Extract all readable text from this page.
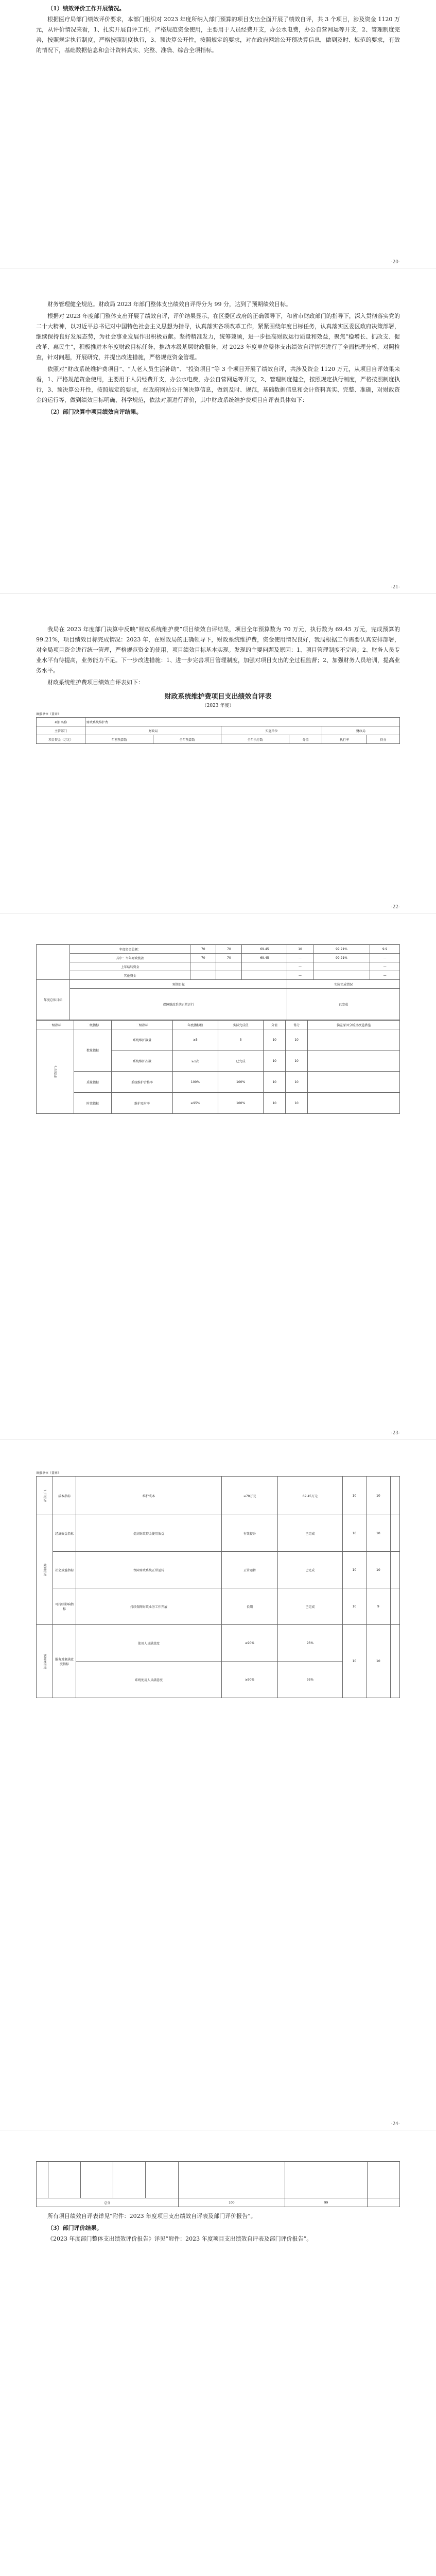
（1）绩效评价工作开展情况。

根据医疗局部门绩效评价要求，本部门组织对 2023 年度所纳入部门预算的项目支出全面开展了绩效自评，共 3 个项目，涉及资金 1120 万元，从评价情况来看，1、扎实开展自评工作，严格规范资金使用，主要用于人员经费开支，办公水电费，办公自营网运等开支，2、管理制度完善，按照规定执行制度，严格按照制度执行，3、预决算公开性，按照规定的要求，对在政府网站公开预决算信息，做到及时、规范的要求，有效的情况下，基础数据信息和会计资料真实、完整、准确、综合全项指标。

-20-

财务管理健全规范。财政局 2023 年部门整体支出绩效自评得分为 99 分，达到了预期绩效目标。

根据对 2023 年度部门整体支出开展了绩效自评，评价结果显示，在区委区政府的正确领导下，和省市财政部门的指导下，深入贯彻落实党的二十大精神，以习近平总书记对中国特色社会主义思想为指导，认真落实各项改革工作，紧紧围绕年度目标任务，认真落实区委区政府决策部署，继续保持良好发展态势，为社会事业发展作出积极贡献。坚持精准发力，统筹兼顾，进一步提高财政运行质量和效益，聚焦“稳增长、抓改支、促改革、惠民生”，积极推进本年度财政目标任务，推动本级基层财政服务，对 2023 年度单位整体支出绩效自评情况进行了全面梳理分析，对照检查，针对问题，开展研究，并提出改进措施，严格规范资金管理。

依照对“财政系统维护费项目”、“人老人员生活补助”、“投资项目”等 3 个项目开展了绩效自评，共涉及资金 1120 万元，从项目自评效果来看，1、严格规范资金使用，主要用于人员经费开支，办公水电费，办公自营网运等开支，2、管理制度健全，按照规定执行制度，严格按照制度执行，3、预决算公开性，按照规定的要求，在政府网站公开预决算信息，做到及时、规范，基础数据信息和会计资料真实、完整、准确，对财政资金的运行等，做到绩效目标明确、科学规范，依法对照进行评价，其中财政系统维护费项目自评表具体如下：

（2）部门决算中项目绩效自评结果。
-21-

我局在 2023 年度部门决算中反映“财政系统维护费”项目绩效自评结果，项目全年预算数为 70 万元，执行数为 69.45 万元，完成预算的 99.21%，项目绩效目标完成情况：2023 年，在财政局的正确领导下，财政系统维护费，资金使用情况良好，我局根据工作需要认真安排部署，对全局项目资金进行统一管理，严格规范资金的使用，项目绩效目标基本实现。发现的主要问题及原因：1、项目管理制度不完善；2、财务人员专业水平有待提高，业务能力不足。下一步改进措施：1、进一步完善项目管理制度，加强对项目支出的全过程监督；2、加强财务人员培训，提高业务水平。

财政系统维护费项目绩效自评表如下：

财政系统维护费项目支出绩效自评表
（2023 年度）
填报单位（盖章）：
项目名称	财政系统维护费					
主管部门	财政局		实施单位		财政局	
项目资金（万元）	年初预算数	全年预算数	全年执行数	分值	执行率	得分
-22-
	年度资金总额：	70	70	69.45	10	99.21%	9.9
	其中：当年财政拨款	70	70	69.45	—	99.21%	—
	上年结转资金				—		—
	其他资金				—		—
年度总体目标	预期目标				实际完成情况		
	保障财政系统正常运行				已完成		
一级指标	二级指标	三级指标	年度指标值	实际完成值	分值	得分	偏差原因分析及改进措施
产出指标	数量指标	系统维护数量	≥5	5	10	10	
		系统维护次数	≥1次	已完成	10	10	
	质量指标	系统维护合格率	100%	100%	10	10	
	时效指标	维护及时率	≥95%	100%	10	10	
-23-
填报单位（盖章）：
产出指标	成本指标	维护成本	≤70万元	69.45万元	10	10	
效益指标	经济效益指标	提高财政资金使用效益	有效提升	已完成	10	10	
	社会效益指标	保障财政系统正常运转	正常运转	已完成	10	10	
	可持续影响指标	持续保障财政业务工作开展	长期	已完成	10	9	
满意度指标	服务对象满意度指标	使用人员满意度	≥90%	95%	10	10	
		系统使用人员满意度	≥90%	95%			
-24-

总分					100	99	

所有项目绩效自评表详见“附件：2023 年度项目支出绩效自评表及部门评价报告”。

（3）部门评价结果。

《2023 年度部门整体支出绩效评价报告》详见“附件：2023 年度项目支出绩效自评表及部门评价报告”。
